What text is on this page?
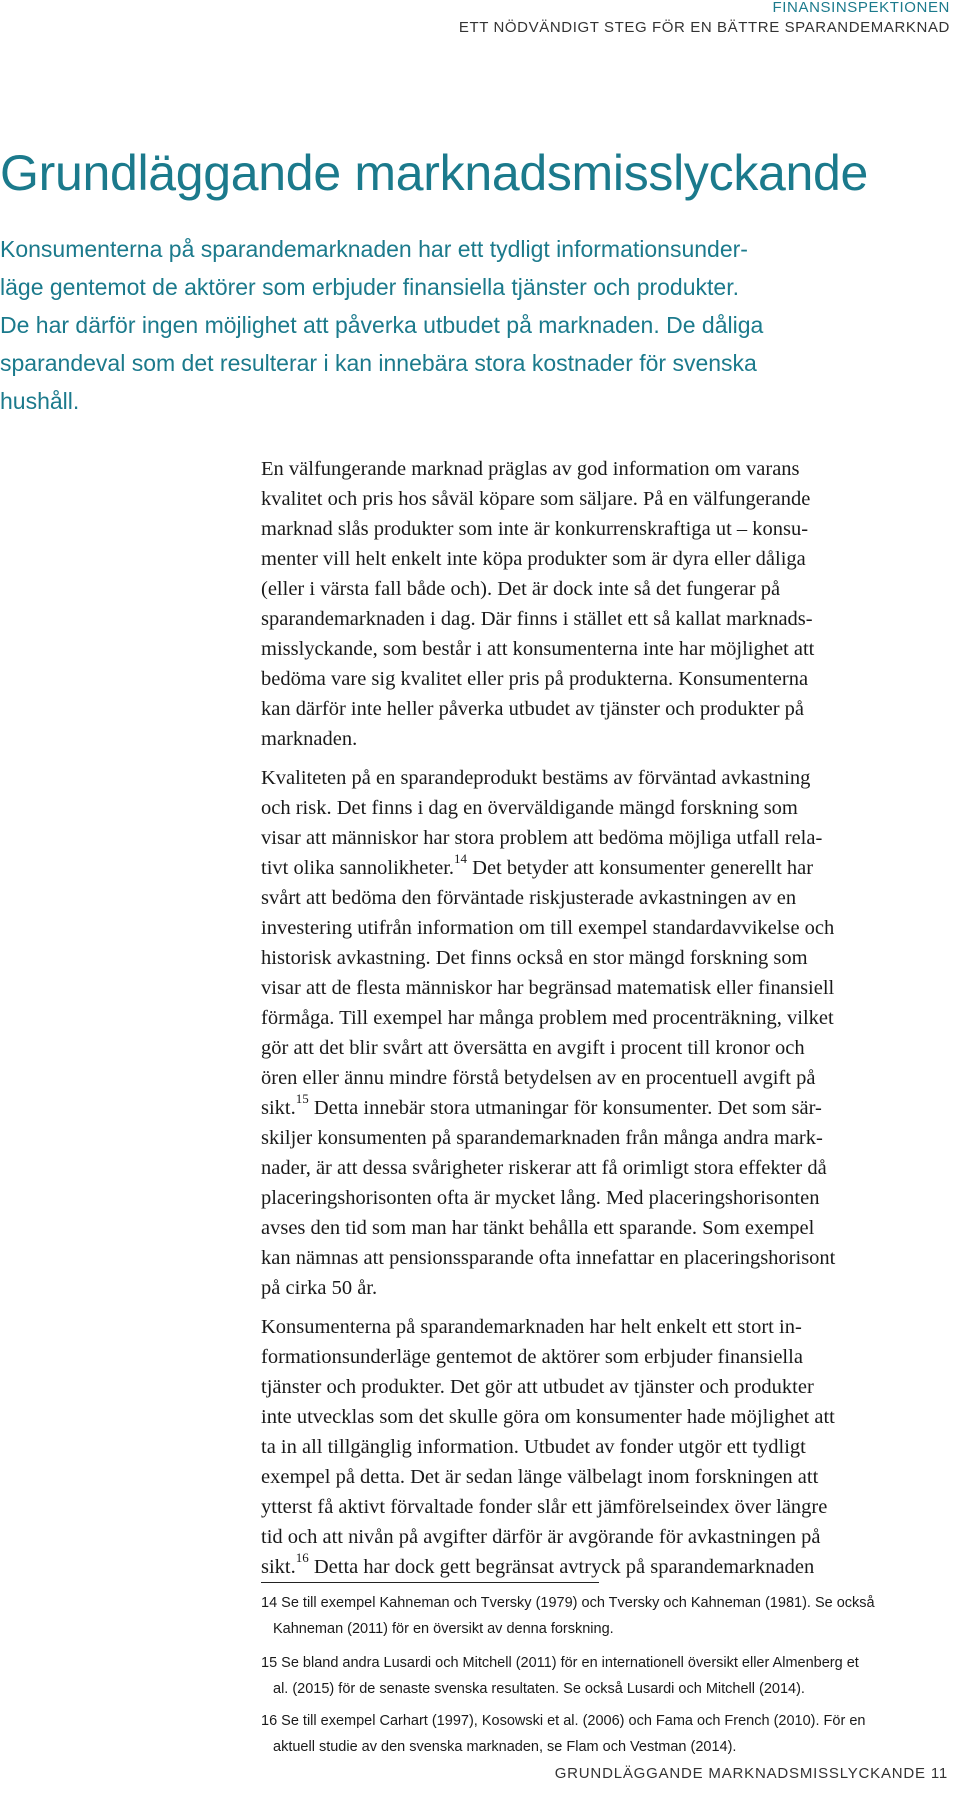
FINANSINSPEKTIONEN
ETT NÖDVÄNDIGT STEG FÖR EN BÄTTRE SPARANDEMARKNAD
Grundläggande marknadsmisslyckande
Konsumenterna på sparandemarknaden har ett tydligt informationsunder-
läge gentemot de aktörer som erbjuder finansiella tjänster och produkter.
De har därför ingen möjlighet att påverka utbudet på marknaden. De dåliga
sparandeval som det resulterar i kan innebära stora kostnader för svenska
hushåll.

En välfungerande marknad präglas av god information om varans
kvalitet och pris hos såväl köpare som säljare. På en välfungerande
marknad slås produkter som inte är konkurrenskraftiga ut – konsu-
menter vill helt enkelt inte köpa produkter som är dyra eller dåliga
(eller i värsta fall både och). Det är dock inte så det fungerar på
sparandemarknaden i dag. Där finns i stället ett så kallat marknads-
misslyckande, som består i att konsumenterna inte har möjlighet att
bedöma vare sig kvalitet eller pris på produkterna. Konsumenterna
kan därför inte heller påverka utbudet av tjänster och produkter på
marknaden.

Kvaliteten på en sparandeprodukt bestäms av förväntad avkastning
och risk. Det finns i dag en överväldigande mängd forskning som
visar att människor har stora problem att bedöma möjliga utfall rela-
tivt olika sannolikheter.$^{14}$ Det betyder att konsumenter generellt har
svårt att bedöma den förväntade riskjusterade avkastningen av en
investering utifrån information om till exempel standardavvikelse och
historisk avkastning. Det finns också en stor mängd forskning som
visar att de flesta människor har begränsad matematisk eller finansiell
förmåga. Till exempel har många problem med procenträkning, vilket
gör att det blir svårt att översätta en avgift i procent till kronor och
ören eller ännu mindre förstå betydelsen av en procentuell avgift på
sikt.$^{15}$ Detta innebär stora utmaningar för konsumenter. Det som sär-
skiljer konsumenten på sparandemarknaden från många andra mark-
nader, är att dessa svårigheter riskerar att få orimligt stora effekter då
placeringshorisonten ofta är mycket lång. Med placeringshorisonten
avses den tid som man har tänkt behålla ett sparande. Som exempel
kan nämnas att pensionssparande ofta innefattar en placeringshorisont
på cirka 50 år.

Konsumenterna på sparandemarknaden har helt enkelt ett stort in-
formationsunderläge gentemot de aktörer som erbjuder finansiella
tjänster och produkter. Det gör att utbudet av tjänster och produkter
inte utvecklas som det skulle göra om konsumenter hade möjlighet att
ta in all tillgänglig information. Utbudet av fonder utgör ett tydligt
exempel på detta. Det är sedan länge välbelagt inom forskningen att
ytterst få aktivt förvaltade fonder slår ett jämförelseindex över längre
tid och att nivån på avgifter därför är avgörande för avkastningen på
sikt.$^{16}$ Detta har dock gett begränsat avtryck på sparandemarknaden

14 Se till exempel Kahneman och Tversky (1979) och Tversky och Kahneman (1981). Se också
Kahneman (2011) för en översikt av denna forskning.
15 Se bland andra Lusardi och Mitchell (2011) för en internationell översikt eller Almenberg et
al. (2015) för de senaste svenska resultaten. Se också Lusardi och Mitchell (2014).
16 Se till exempel Carhart (1997), Kosowski et al. (2006) och Fama och French (2010). För en
aktuell studie av den svenska marknaden, se Flam och Vestman (2014).
GRUNDLÄGGANDE MARKNADSMISSLYCKANDE 11
